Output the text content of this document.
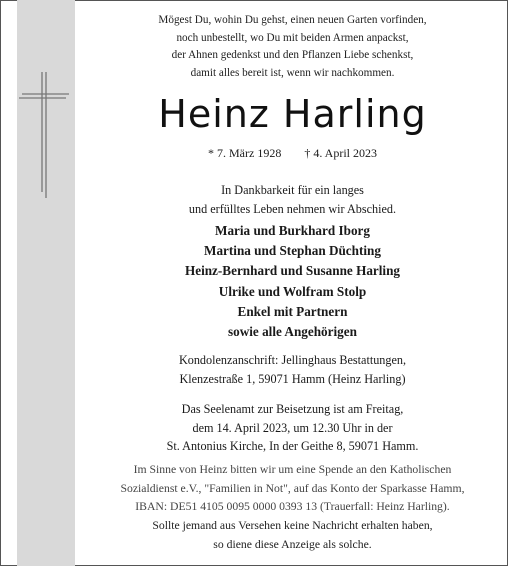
Mögest Du, wohin Du gehst, einen neuen Garten vorfinden,
noch unbestellt, wo Du mit beiden Armen anpackst,
der Ahnen gedenkst und den Pflanzen Liebe schenkst,
damit alles bereit ist, wenn wir nachkommen.
Heinz Harling
* 7. März 1928 † 4. April 2023
In Dankbarkeit für ein langes
und erfülltes Leben nehmen wir Abschied.
Maria und Burkhard Iborg
Martina und Stephan Düchting
Heinz-Bernhard und Susanne Harling
Ulrike und Wolfram Stolp
Enkel mit Partnern
sowie alle Angehörigen
Kondolenzanschrift: Jellinghaus Bestattungen,
Klenzestraße 1, 59071 Hamm (Heinz Harling)
Das Seelenamt zur Beisetzung ist am Freitag,
dem 14. April 2023, um 12.30 Uhr in der
St. Antonius Kirche, In der Geithe 8, 59071 Hamm.
Im Sinne von Heinz bitten wir um eine Spende an den Katholischen
Sozialdienst e.V., "Familien in Not", auf das Konto der Sparkasse Hamm,
IBAN: DE51 4105 0095 0000 0393 13 (Trauerfall: Heinz Harling).
Sollte jemand aus Versehen keine Nachricht erhalten haben,
so diene diese Anzeige als solche.
